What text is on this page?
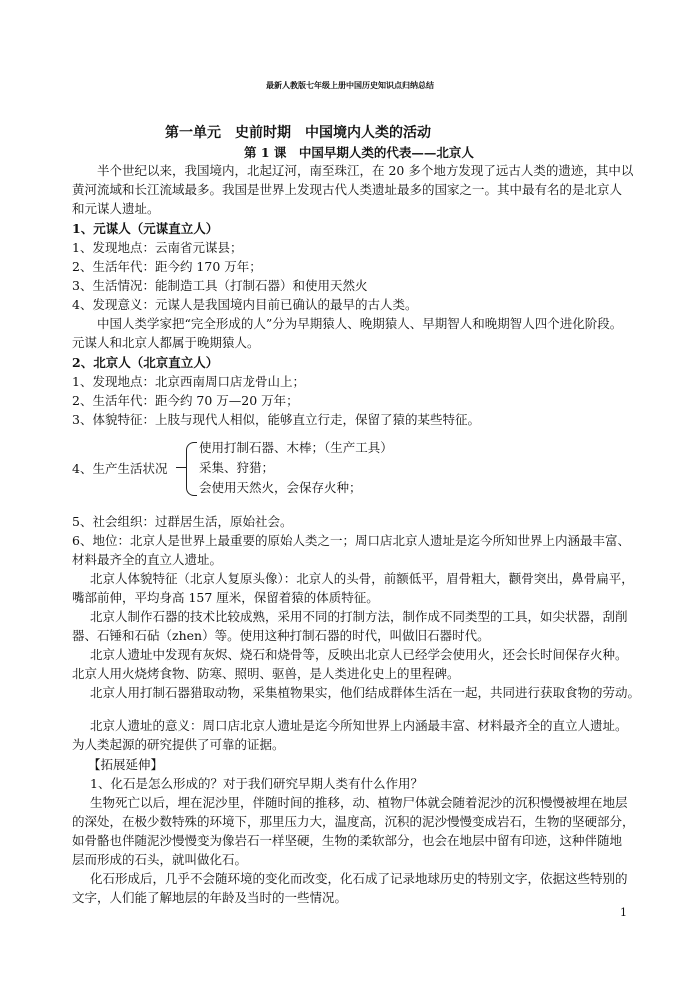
最新人教版七年级上册中国历史知识点归纳总结
第一单元　史前时期　中国境内人类的活动
第 1 课　中国早期人类的代表——北京人
半个世纪以来，我国境内，北起辽河，南至珠江，在 20 多个地方发现了远古人类的遗迹，其中以
黄河流域和长江流域最多。我国是世界上发现古代人类遗址最多的国家之一。其中最有名的是北京人
和元谋人遗址。
1、元谋人（元谋直立人）
1、发现地点：云南省元谋县；
2、生活年代：距今约 170 万年；
3、生活情况：能制造工具（打制石器）和使用天然火
4、发现意义：元谋人是我国境内目前已确认的最早的古人类。
中国人类学家把“完全形成的人”分为早期猿人、晚期猿人、早期智人和晚期智人四个进化阶段。
元谋人和北京人都属于晚期猿人。
2、北京人（北京直立人）
1、发现地点：北京西南周口店龙骨山上；
2、生活年代：距今约 70 万—20 万年；
3、体貌特征：上肢与现代人相似，能够直立行走，保留了猿的某些特征。
4、生产生活状况
使用打制石器、木棒；（生产工具）
采集、狩猎；
会使用天然火，会保存火种；
5、社会组织：过群居生活，原始社会。
6、地位：北京人是世界上最重要的原始人类之一；周口店北京人遗址是迄今所知世界上内涵最丰富、
材料最齐全的直立人遗址。
北京人体貌特征（北京人复原头像）：北京人的头骨，前额低平，眉骨粗大，颧骨突出，鼻骨扁平，
嘴部前伸，平均身高 157 厘米，保留着猿的体质特征。
北京人制作石器的技术比较成熟，采用不同的打制方法，制作成不同类型的工具，如尖状器，刮削
器、石锤和石砧（zhen）等。使用这种打制石器的时代，叫做旧石器时代。
北京人遗址中发现有灰烬、烧石和烧骨等，反映出北京人已经学会使用火，还会长时间保存火种。
北京人用火烧烤食物、防寒、照明、驱兽，是人类进化史上的里程碑。
北京人用打制石器猎取动物，采集植物果实，他们结成群体生活在一起，共同进行获取食物的劳动。
北京人遗址的意义：周口店北京人遗址是迄今所知世界上内涵最丰富、材料最齐全的直立人遗址。
为人类起源的研究提供了可靠的证据。
【拓展延伸】
1、化石是怎么形成的？对于我们研究早期人类有什么作用？
生物死亡以后，埋在泥沙里，伴随时间的推移，动、植物尸体就会随着泥沙的沉积慢慢被埋在地层
的深处，在极少数特殊的环境下，那里压力大，温度高，沉积的泥沙慢慢变成岩石，生物的坚硬部分，
如骨骼也伴随泥沙慢慢变为像岩石一样坚硬，生物的柔软部分，也会在地层中留有印迹，这种伴随地
层而形成的石头，就叫做化石。
化石形成后，几乎不会随环境的变化而改变，化石成了记录地球历史的特别文字，依据这些特别的
文字，人们能了解地层的年龄及当时的一些情况。
1
